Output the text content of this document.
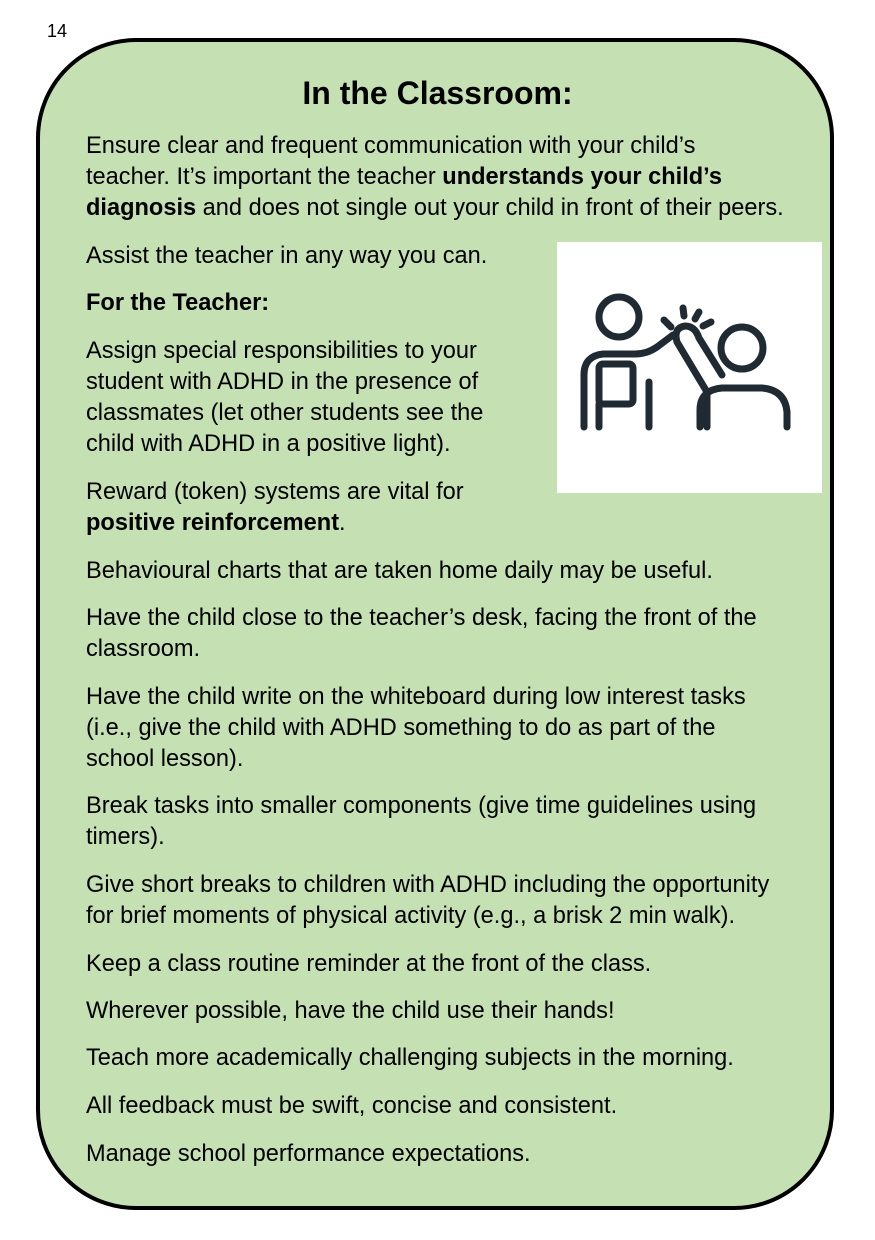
14
In the Classroom:

Ensure clear and frequent communication with your child’s
teacher. It’s important the teacher understands your child’s
diagnosis and does not single out your child in front of their peers.

Assist the teacher in any way you can.

For the Teacher:

Assign special responsibilities to your
student with ADHD in the presence of
classmates (let other students see the
child with ADHD in a positive light).

Reward (token) systems are vital for
positive reinforcement.

Behavioural charts that are taken home daily may be useful.

Have the child close to the teacher’s desk, facing the front of the
classroom.

Have the child write on the whiteboard during low interest tasks
(i.e., give the child with ADHD something to do as part of the
school lesson).

Break tasks into smaller components (give time guidelines using
timers).

Give short breaks to children with ADHD including the opportunity
for brief moments of physical activity (e.g., a brisk 2 min walk).

Keep a class routine reminder at the front of the class.

Wherever possible, have the child use their hands!

Teach more academically challenging subjects in the morning.

All feedback must be swift, concise and consistent.

Manage school performance expectations.
